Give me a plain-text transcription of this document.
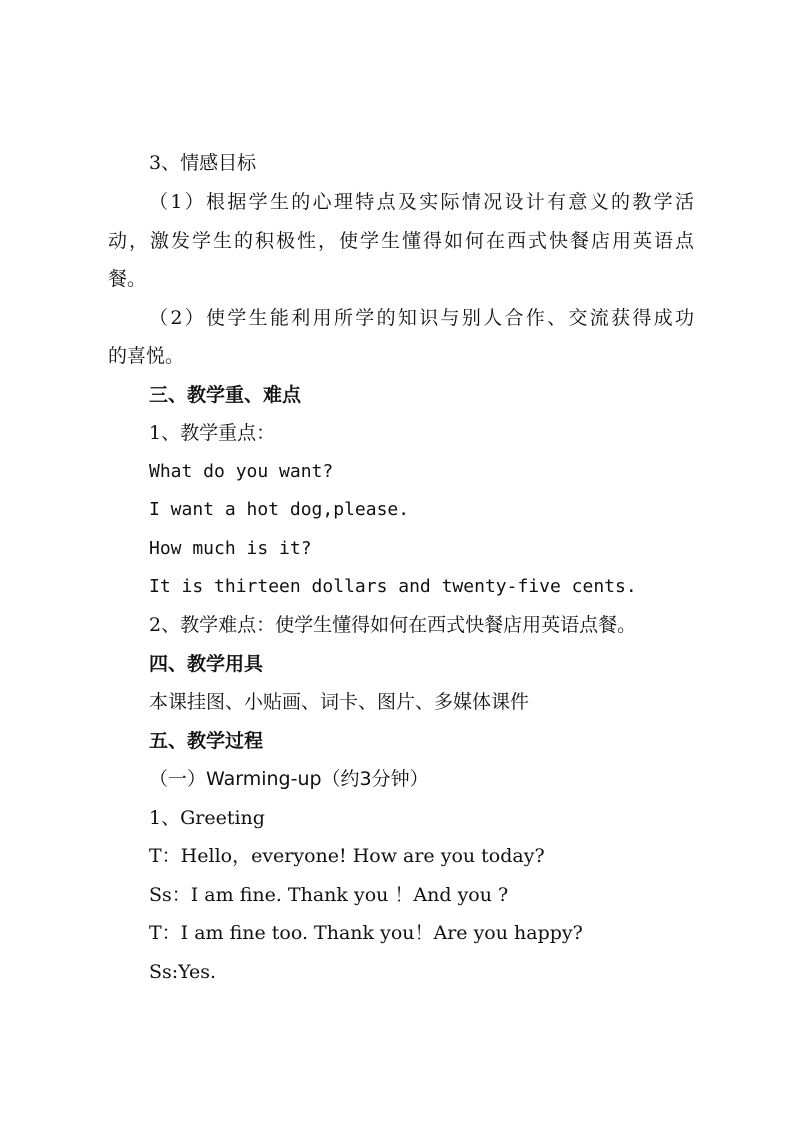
3、情感目标
（1）根据学生的心理特点及实际情况设计有意义的教学活
动，激发学生的积极性，使学生懂得如何在西式快餐店用英语点
餐。
（2）使学生能利用所学的知识与别人合作、交流获得成功
的喜悦。
三、教学重、难点
1、教学重点：
What do you want?
I want a hot dog,please.
How much is it?
It is thirteen dollars and twenty-five cents.
2、教学难点：使学生懂得如何在西式快餐店用英语点餐。
四、教学用具
本课挂图、小贴画、词卡、图片、多媒体课件
五、教学过程
（一）Warming-up（约3分钟）
1、Greeting
T：Hello，everyone! How are you today?
Ss：I am fine. Thank you ！And you ?
T：I am fine too. Thank you！Are you happy?
Ss:Yes.
